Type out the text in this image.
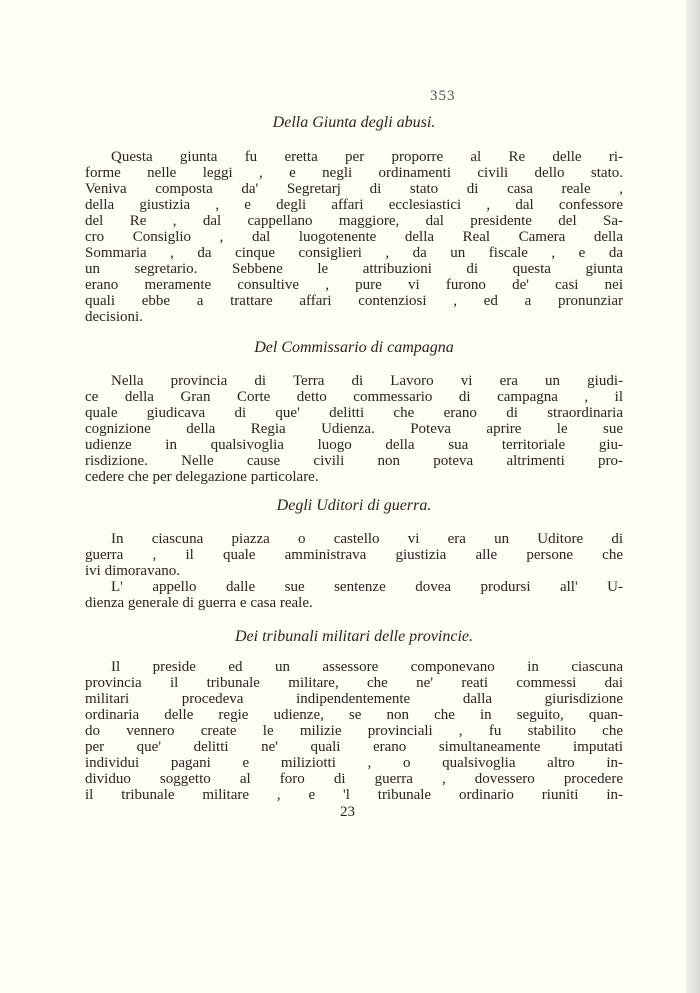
353
Della Giunta degli abusi.
Questa giunta fu eretta per proporre al Re delle ri-
forme nelle leggi , e negli ordinamenti civili dello stato.
Veniva composta da' Segretarj di stato di casa reale ,
della giustizia , e degli affari ecclesiastici , dal confessore
del Re , dal cappellano maggiore, dal presidente del Sa-
cro Consiglio , dal luogotenente della Real Camera della
Sommaria , da cinque consiglieri , da un fiscale , e da
un segretario. Sebbene le attribuzioni di questa giunta
erano meramente consultive , pure vi furono de' casi nei
quali ebbe a trattare affari contenziosi , ed a pronunziar
decisioni.
Del Commissario di campagna
Nella provincia di Terra di Lavoro vi era un giudi-
ce della Gran Corte detto commessario di campagna , il
quale giudicava di que' delitti che erano di straordinaria
cognizione della Regia Udienza. Poteva aprire le sue
udienze in qualsivoglia luogo della sua territoriale giu-
risdizione. Nelle cause civili non poteva altrimenti pro-
cedere che per delegazione particolare.
Degli Uditori di guerra.
In ciascuna piazza o castello vi era un Uditore di
guerra , il quale amministrava giustizia alle persone che
ivi dimoravano.
L' appello dalle sue sentenze dovea prodursi all' U-
dienza generale di guerra e casa reale.
Dei tribunali militari delle provincie.
Il preside ed un assessore componevano in ciascuna
provincia il tribunale militare, che ne' reati commessi dai
militari procedeva indipendentemente dalla giurisdizione
ordinaria delle regie udienze, se non che in seguito, quan-
do vennero create le milizie provinciali , fu stabilito che
per que' delitti ne' quali erano simultaneamente imputati
individui pagani e miliziotti , o qualsivoglia altro in-
dividuo soggetto al foro di guerra , dovessero procedere
il tribunale militare , e 'l tribunale ordinario riuniti in-
23
